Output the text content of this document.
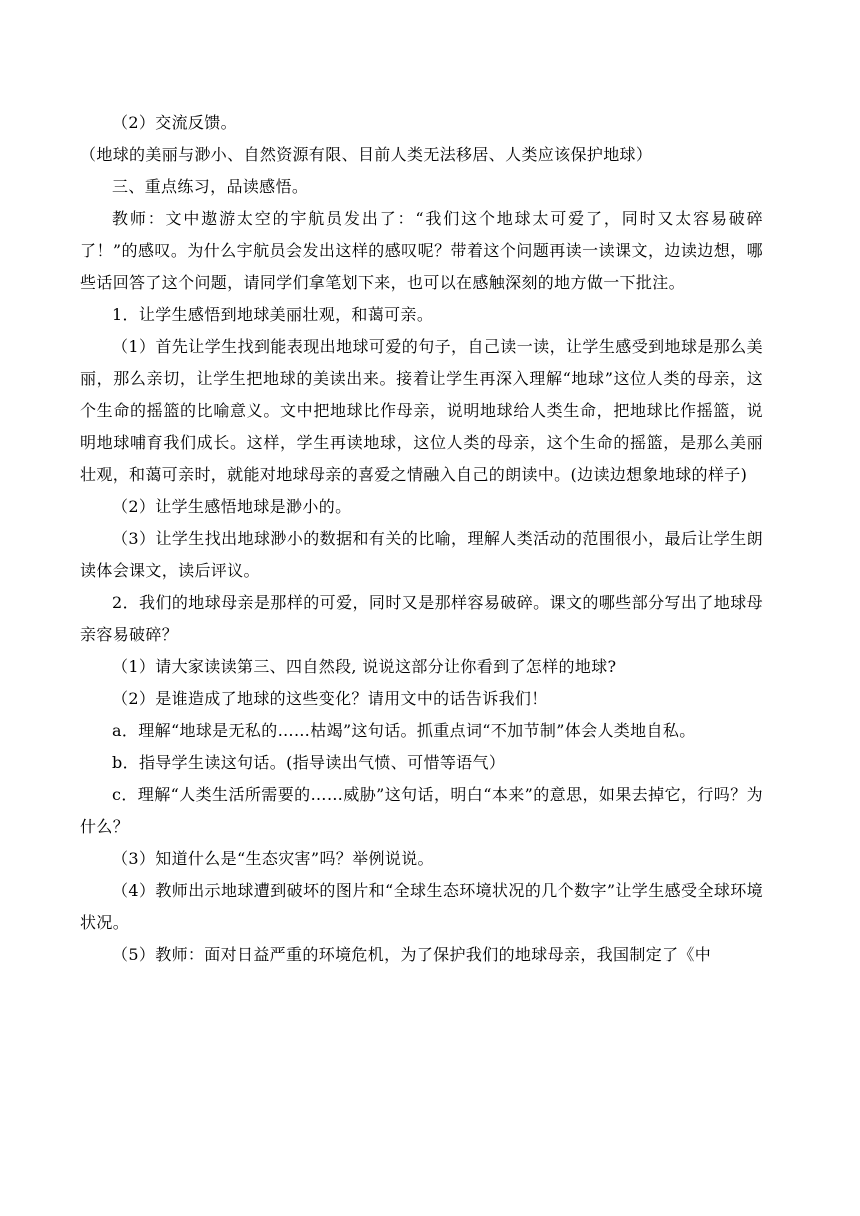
（2）交流反馈。

（地球的美丽与渺小、自然资源有限、目前人类无法移居、人类应该保护地球）

三、重点练习，品读感悟。

教师：文中遨游太空的宇航员发出了：“我们这个地球太可爱了，同时又太容易破碎了！”的感叹。为什么宇航员会发出这样的感叹呢？带着这个问题再读一读课文，边读边想，哪些话回答了这个问题，请同学们拿笔划下来，也可以在感触深刻的地方做一下批注。

1．让学生感悟到地球美丽壮观，和蔼可亲。

（1）首先让学生找到能表现出地球可爱的句子，自己读一读，让学生感受到地球是那么美丽，那么亲切，让学生把地球的美读出来。接着让学生再深入理解“地球”这位人类的母亲，这个生命的摇篮的比喻意义。文中把地球比作母亲，说明地球给人类生命，把地球比作摇篮，说明地球哺育我们成长。这样，学生再读地球，这位人类的母亲，这个生命的摇篮，是那么美丽壮观，和蔼可亲时，就能对地球母亲的喜爱之情融入自己的朗读中。(边读边想象地球的样子)

（2）让学生感悟地球是渺小的。

（3）让学生找出地球渺小的数据和有关的比喻，理解人类活动的范围很小，最后让学生朗读体会课文，读后评议。

2．我们的地球母亲是那样的可爱，同时又是那样容易破碎。课文的哪些部分写出了地球母亲容易破碎？

（1）请大家读读第三、四自然段, 说说这部分让你看到了怎样的地球?

（2）是谁造成了地球的这些变化？请用文中的话告诉我们！

a．理解“地球是无私的……枯竭”这句话。抓重点词“不加节制”体会人类地自私。

b．指导学生读这句话。(指导读出气愤、可惜等语气）

c．理解“人类生活所需要的……威胁”这句话，明白“本来”的意思，如果去掉它，行吗？为什么？

（3）知道什么是“生态灾害”吗？举例说说。

（4）教师出示地球遭到破坏的图片和“全球生态环境状况的几个数字”让学生感受全球环境状况。

（5）教师：面对日益严重的环境危机，为了保护我们的地球母亲，我国制定了《中
